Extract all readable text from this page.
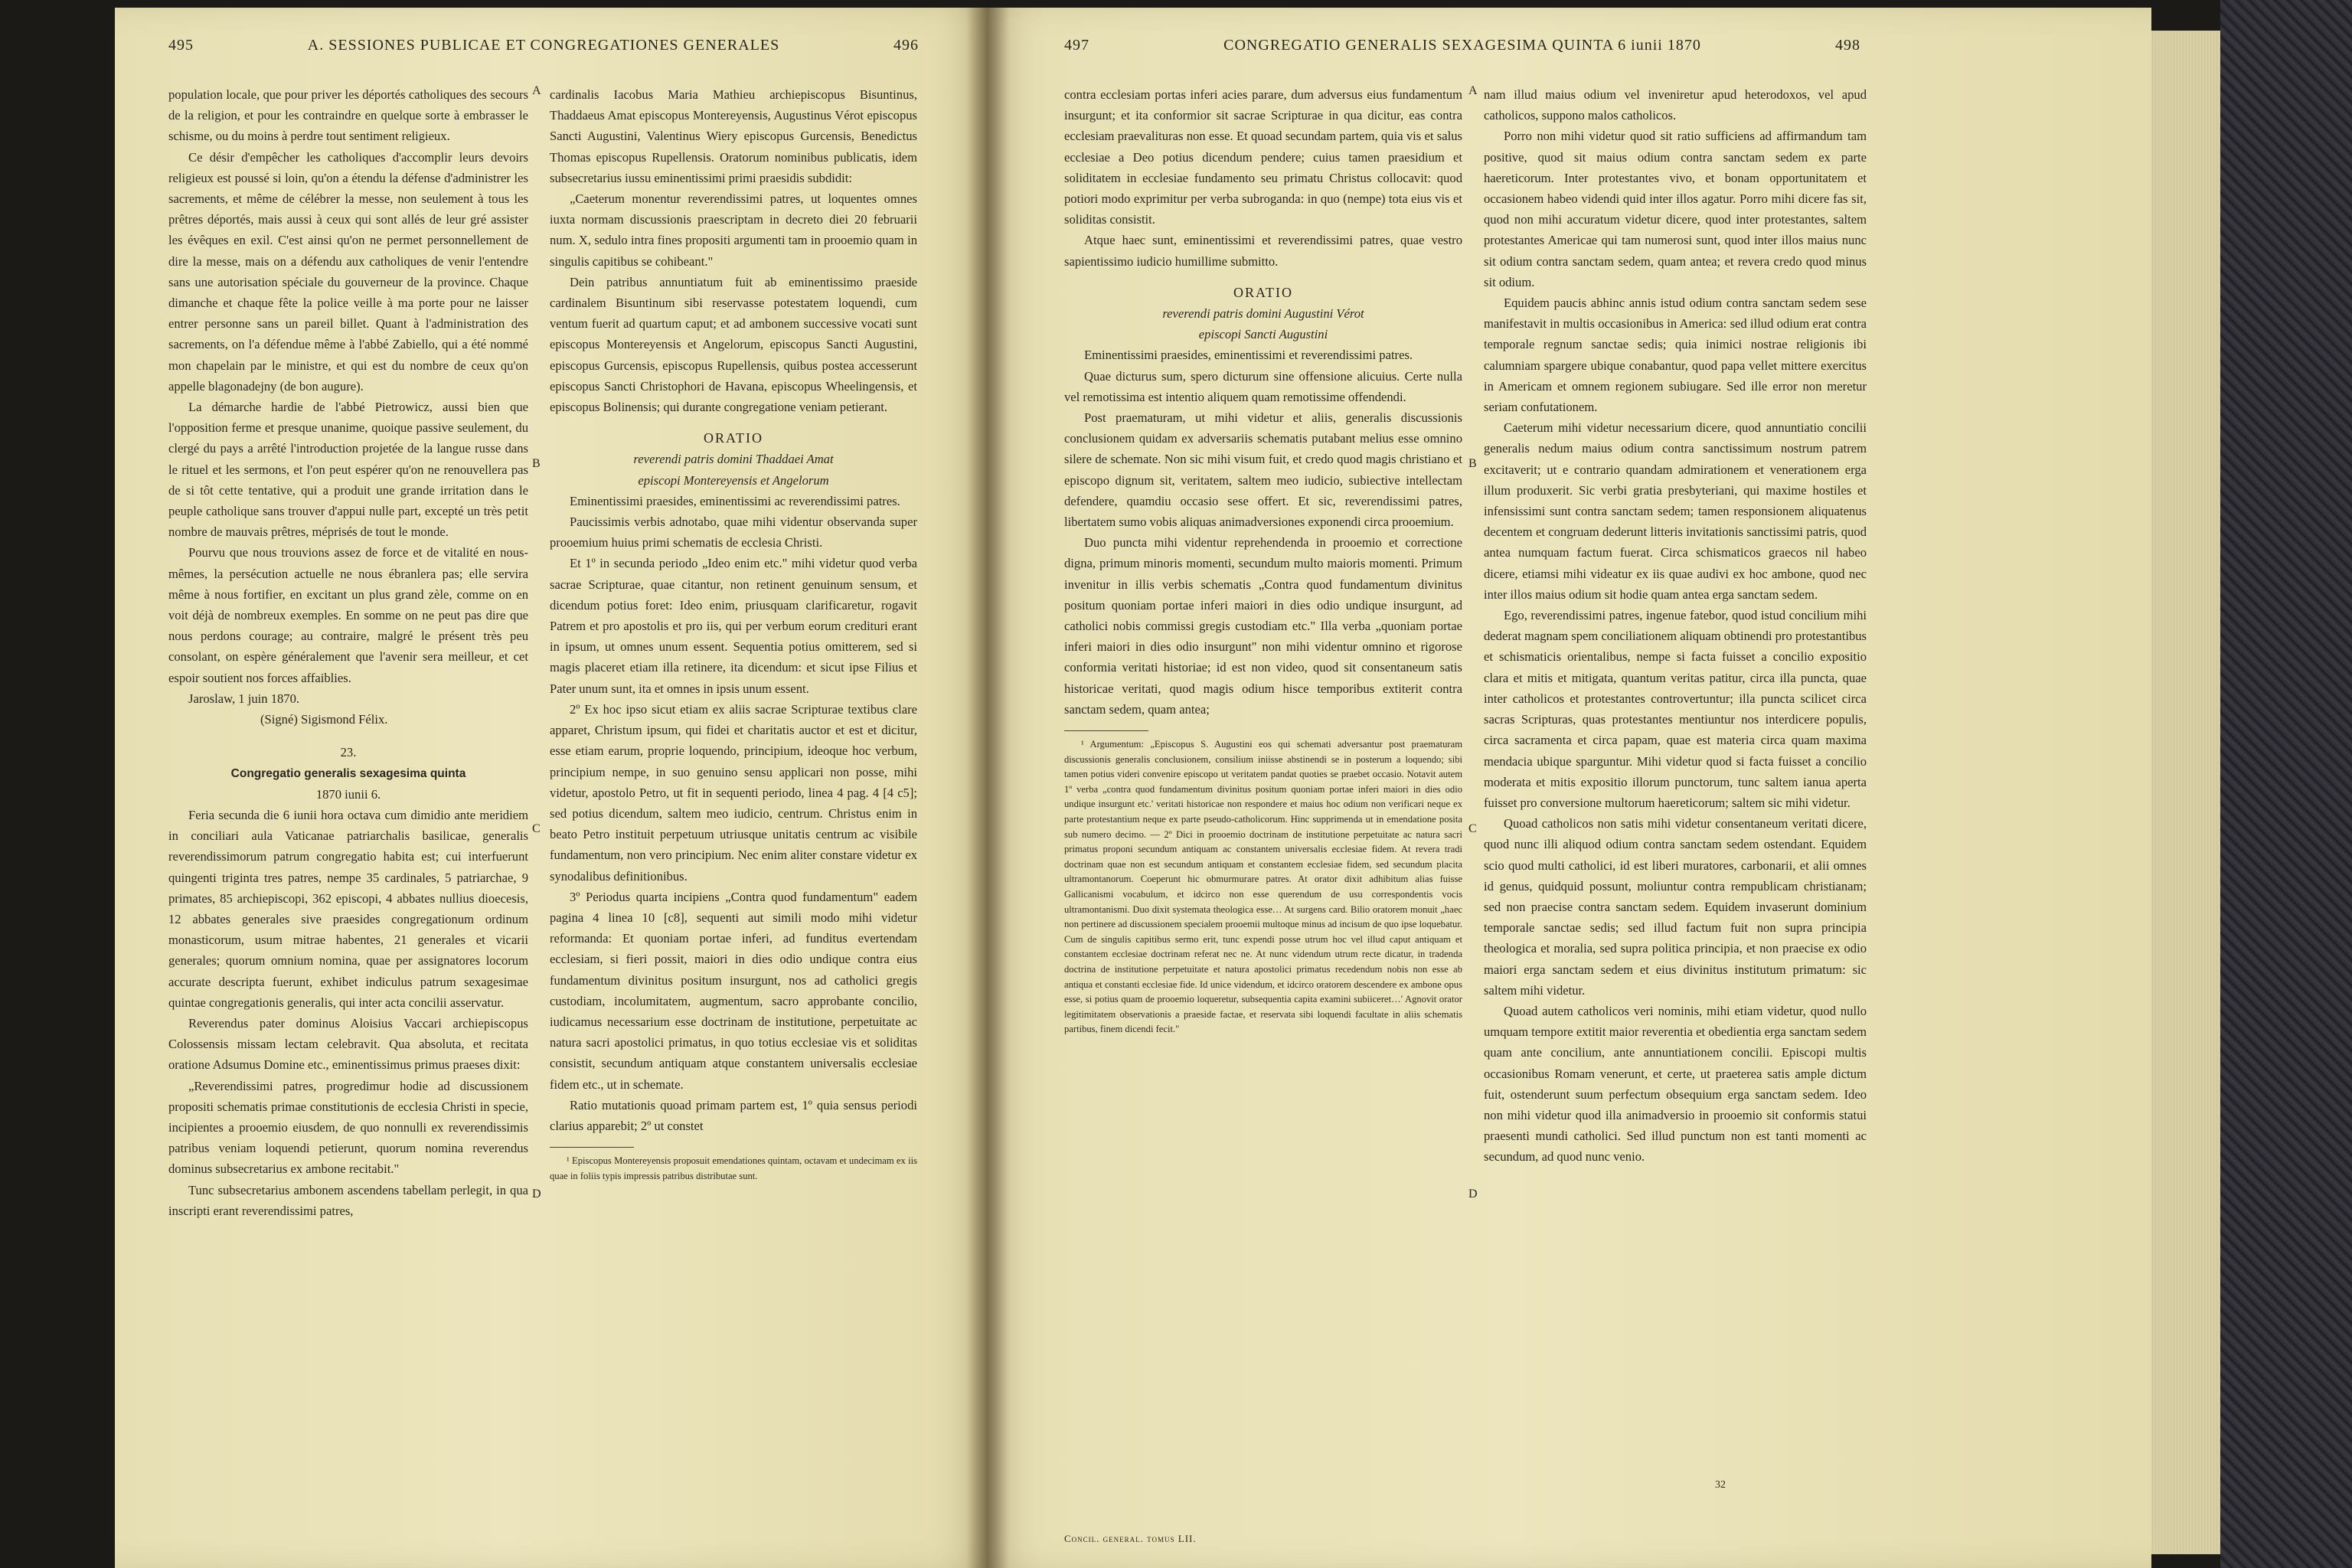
495	A. SESSIONES PUBLICAE ET CONGREGATIONES GENERALES	496

population locale, que pour priver les déportés catholiques des secours de la religion, et pour les contraindre en quelque sorte à embrasser le schisme, ou du moins à perdre tout sentiment religieux.

Ce désir d'empêcher les catholiques d'accomplir leurs devoirs religieux est poussé si loin, qu'on a étendu la défense d'administrer les sacrements, et même de célébrer la messe, non seulement à tous les prêtres déportés, mais aussi à ceux qui sont allés de leur gré assister les évêques en exil. C'est ainsi qu'on ne permet personnellement de dire la messe, mais on a défendu aux catholiques de venir l'entendre sans une autorisation spéciale du gouverneur de la province. Chaque dimanche et chaque fête la police veille à ma porte pour ne laisser entrer personne sans un pareil billet. Quant à l'administration des sacrements, on l'a défendue même à l'abbé Zabiello, qui a été nommé mon chapelain par le ministre, et qui est du nombre de ceux qu'on appelle blagonadejny (de bon augure).

La démarche hardie de l'abbé Pietrowicz, aussi bien que l'opposition ferme et presque unanime, quoique passive seulement, du clergé du pays a arrêté l'introduction projetée de la langue russe dans le rituel et les sermons, et l'on peut espérer qu'on ne renouvellera pas de si tôt cette tentative, qui a produit une grande irritation dans le peuple catholique sans trouver d'appui nulle part, excepté un très petit nombre de mauvais prêtres, méprisés de tout le monde.

Pourvu que nous trouvions assez de force et de vitalité en nous-mêmes, la persécution actuelle ne nous ébranlera pas; elle servira même à nous fortifier, en excitant un plus grand zèle, comme on en voit déjà de nombreux exemples. En somme on ne peut pas dire que nous perdons courage; au contraire, malgré le présent très peu consolant, on espère généralement que l'avenir sera meilleur, et cet espoir soutient nos forces affaiblies.

Jaroslaw, 1 juin 1870.

(Signé) Sigismond Félix.

23.

Congregatio generalis sexagesima quinta

1870 iunii 6.

Feria secunda die 6 iunii hora octava cum dimidio ante meridiem in conciliari aula Vaticanae patriarchalis basilicae, generalis reverendissimorum patrum congregatio habita est; cui interfuerunt quingenti triginta tres patres, nempe 35 cardinales, 5 patriarchae, 9 primates, 85 archiepiscopi, 362 episcopi, 4 abbates nullius dioecesis, 12 abbates generales sive praesides congregationum ordinum monasticorum, usum mitrae habentes, 21 generales et vicarii generales; quorum omnium nomina, quae per assignatores locorum accurate descripta fuerunt, exhibet indiculus patrum sexagesimae quintae congregationis generalis, qui inter acta concilii asservatur.

Reverendus pater dominus Aloisius Vaccari archiepiscopus Colossensis missam lectam celebravit. Qua absoluta, et recitata oratione Adsumus Domine etc., eminentissimus primus praeses dixit:

„Reverendissimi patres, progredimur hodie ad discussionem propositi schematis primae constitutionis de ecclesia Christi in specie, incipientes a prooemio eiusdem, de quo nonnulli ex reverendissimis patribus veniam loquendi petierunt, quorum nomina reverendus dominus subsecretarius ex ambone recitabit."

Tunc subsecretarius ambonem ascendens tabellam perlegit, in qua inscripti erant reverendissimi patres,

A
B
C
D

cardinalis Iacobus Maria Mathieu archiepiscopus Bisuntinus, Thaddaeus Amat episcopus Montereyensis, Augustinus Vérot episcopus Sancti Augustini, Valentinus Wiery episcopus Gurcensis, Benedictus Thomas episcopus Rupellensis. Oratorum nominibus publicatis, idem subsecretarius iussu eminentissimi primi praesidis subdidit:

„Caeterum monentur reverendissimi patres, ut loquentes omnes iuxta normam discussionis praescriptam in decreto diei 20 februarii num. X, sedulo intra fines propositi argumenti tam in prooemio quam in singulis capitibus se cohibeant."

Dein patribus annuntiatum fuit ab eminentissimo praeside cardinalem Bisuntinum sibi reservasse potestatem loquendi, cum ventum fuerit ad quartum caput; et ad ambonem successive vocati sunt episcopus Montereyensis et Angelorum, episcopus Sancti Augustini, episcopus Gurcensis, episcopus Rupellensis, quibus postea accesserunt episcopus Sancti Christophori de Havana, episcopus Wheelingensis, et episcopus Bolinensis; qui durante congregatione veniam petierant.

ORATIO

reverendi patris domini Thaddaei Amat

episcopi Montereyensis et Angelorum

Eminentissimi praesides, eminentissimi ac reverendissimi patres.

Paucissimis verbis adnotabo, quae mihi videntur observanda super prooemium huius primi schematis de ecclesia Christi.

Et 1º in secunda periodo „Ideo enim etc." mihi videtur quod verba sacrae Scripturae, quae citantur, non retinent genuinum sensum, et dicendum potius foret: Ideo enim, priusquam clarificaretur, rogavit Patrem et pro apostolis et pro iis, qui per verbum eorum credituri erant in ipsum, ut omnes unum essent. Sequentia potius omitterem, sed si magis placeret etiam illa retinere, ita dicendum: et sicut ipse Filius et Pater unum sunt, ita et omnes in ipsis unum essent.

2º Ex hoc ipso sicut etiam ex aliis sacrae Scripturae textibus clare apparet, Christum ipsum, qui fidei et charitatis auctor et est et dicitur, esse etiam earum, proprie loquendo, principium, ideoque hoc verbum, principium nempe, in suo genuino sensu applicari non posse, mihi videtur, apostolo Petro, ut fit in sequenti periodo, linea 4 pag. 4 [4 c5]; sed potius dicendum, saltem meo iudicio, centrum. Christus enim in beato Petro instituit perpetuum utriusque unitatis centrum ac visibile fundamentum, non vero principium. Nec enim aliter constare videtur ex synodalibus definitionibus.

3º Periodus quarta incipiens „Contra quod fundamentum" eadem pagina 4 linea 10 [c8], sequenti aut simili modo mihi videtur reformanda: Et quoniam portae inferi, ad funditus evertendam ecclesiam, si fieri possit, maiori in dies odio undique contra eius fundamentum divinitus positum insurgunt, nos ad catholici gregis custodiam, incolumitatem, augmentum, sacro approbante concilio, iudicamus necessarium esse doctrinam de institutione, perpetuitate ac natura sacri apostolici primatus, in quo totius ecclesiae vis et soliditas consistit, secundum antiquam atque constantem universalis ecclesiae fidem etc., ut in schemate.

Ratio mutationis quoad primam partem est, 1º quia sensus periodi clarius apparebit; 2º ut constet

¹ Episcopus Montereyensis proposuit emendationes quintam, octavam et undecimam ex iis quae in foliis typis impressis patribus distributae sunt.

497	CONGREGATIO GENERALIS SEXAGESIMA QUINTA 6 iunii 1870	498

contra ecclesiam portas inferi acies parare, dum adversus eius fundamentum insurgunt; et ita conformior sit sacrae Scripturae in qua dicitur, eas contra ecclesiam praevalituras non esse. Et quoad secundam partem, quia vis et salus ecclesiae a Deo potius dicendum pendere; cuius tamen praesidium et soliditatem in ecclesiae fundamento seu primatu Christus collocavit: quod potiori modo exprimitur per verba subroganda: in quo (nempe) tota eius vis et soliditas consistit.

Atque haec sunt, eminentissimi et reverendissimi patres, quae vestro sapientissimo iudicio humillime submitto.

ORATIO

reverendi patris domini Augustini Vérot

episcopi Sancti Augustini

Eminentissimi praesides, eminentissimi et reverendissimi patres.

Quae dicturus sum, spero dicturum sine offensione alicuius. Certe nulla vel remotissima est intentio aliquem quam remotissime offendendi.

Post praematuram, ut mihi videtur et aliis, generalis discussionis conclusionem quidam ex adversariis schematis putabant melius esse omnino silere de schemate. Non sic mihi visum fuit, et credo quod magis christiano et episcopo dignum sit, veritatem, saltem meo iudicio, subiective intellectam defendere, quamdiu occasio sese offert. Et sic, reverendissimi patres, libertatem sumo vobis aliquas animadversiones exponendi circa prooemium.

Duo puncta mihi videntur reprehendenda in prooemio et correctione digna, primum minoris momenti, secundum multo maioris momenti. Primum invenitur in illis verbis schematis „Contra quod fundamentum divinitus positum quoniam portae inferi maiori in dies odio undique insurgunt, ad catholici nobis commissi gregis custodiam etc." Illa verba „quoniam portae inferi maiori in dies odio insurgunt" non mihi videntur omnino et rigorose conformia veritati historiae; id est non video, quod sit consentaneum satis historicae veritati, quod magis odium hisce temporibus extiterit contra sanctam sedem, quam antea;

¹ Argumentum: „Episcopus S. Augustini eos qui schemati adversantur post praematuram discussionis generalis conclusionem, consilium iniisse abstinendi se in posterum a loquendo; sibi tamen potius videri convenire episcopo ut veritatem pandat quoties se praebet occasio. Notavit autem 1º verba „contra quod fundamentum divinitus positum quoniam portae inferi maiori in dies odio undique insurgunt etc.' veritati historicae non respondere et maius hoc odium non verificari neque ex parte protestantium neque ex parte pseudo-catholicorum. Hinc supprimenda ut in emendatione posita sub numero decimo. — 2º Dici in prooemio doctrinam de institutione perpetuitate ac natura sacri primatus proponi secundum antiquam ac constantem universalis ecclesiae fidem. At revera tradi doctrinam quae non est secundum antiquam et constantem ecclesiae fidem, sed secundum placita ultramontanorum. Coeperunt hic obmurmurare patres. At orator dixit adhibitum alias fuisse Gallicanismi vocabulum, et idcirco non esse querendum de usu correspondentis vocis ultramontanismi. Duo dixit systemata theologica esse… At surgens card. Bilio oratorem monuit „haec non pertinere ad discussionem specialem prooemii multoque minus ad incisum de quo ipse loquebatur. Cum de singulis capitibus sermo erit, tunc expendi posse utrum hoc vel illud caput antiquam et constantem ecclesiae doctrinam referat nec ne. At nunc videndum utrum recte dicatur, in tradenda doctrina de institutione perpetuitate et natura apostolici primatus recedendum nobis non esse ab antiqua et constanti ecclesiae fide. Id unice videndum, et idcirco oratorem descendere ex ambone opus esse, si potius quam de prooemio loqueretur, subsequentia capita examini subiiceret…' Agnovit orator legitimitatem observationis a praeside factae, et reservata sibi loquendi facultate in aliis schematis partibus, finem dicendi fecit."

A
B
C
D

nam illud maius odium vel inveniretur apud heterodoxos, vel apud catholicos, suppono malos catholicos.

Porro non mihi videtur quod sit ratio sufficiens ad affirmandum tam positive, quod sit maius odium contra sanctam sedem ex parte haereticorum. Inter protestantes vivo, et bonam opportunitatem et occasionem habeo videndi quid inter illos agatur. Porro mihi dicere fas sit, quod non mihi accuratum videtur dicere, quod inter protestantes, saltem protestantes Americae qui tam numerosi sunt, quod inter illos maius nunc sit odium contra sanctam sedem, quam antea; et revera credo quod minus sit odium.

Equidem paucis abhinc annis istud odium contra sanctam sedem sese manifestavit in multis occasionibus in America: sed illud odium erat contra temporale regnum sanctae sedis; quia inimici nostrae religionis ibi calumniam spargere ubique conabantur, quod papa vellet mittere exercitus in Americam et omnem regionem subiugare. Sed ille error non meretur seriam confutationem.

Caeterum mihi videtur necessarium dicere, quod annuntiatio concilii generalis nedum maius odium contra sanctissimum nostrum patrem excitaverit; ut e contrario quandam admirationem et venerationem erga illum produxerit. Sic verbi gratia presbyteriani, qui maxime hostiles et infensissimi sunt contra sanctam sedem; tamen responsionem aliquatenus decentem et congruam dederunt litteris invitationis sanctissimi patris, quod antea numquam factum fuerat. Circa schismaticos graecos nil habeo dicere, etiamsi mihi videatur ex iis quae audivi ex hoc ambone, quod nec inter illos maius odium sit hodie quam antea erga sanctam sedem.

Ego, reverendissimi patres, ingenue fatebor, quod istud concilium mihi dederat magnam spem conciliationem aliquam obtinendi pro protestantibus et schismaticis orientalibus, nempe si facta fuisset a concilio expositio clara et mitis et mitigata, quantum veritas patitur, circa illa puncta, quae inter catholicos et protestantes controvertuntur; illa puncta scilicet circa sacras Scripturas, quas protestantes mentiuntur nos interdicere populis, circa sacramenta et circa papam, quae est materia circa quam maxima mendacia ubique sparguntur. Mihi videtur quod si facta fuisset a concilio moderata et mitis expositio illorum punctorum, tunc saltem ianua aperta fuisset pro conversione multorum haereticorum; saltem sic mihi videtur.

Quoad catholicos non satis mihi videtur consentaneum veritati dicere, quod nunc illi aliquod odium contra sanctam sedem ostendant. Equidem scio quod multi catholici, id est liberi muratores, carbonarii, et alii omnes id genus, quidquid possunt, moliuntur contra rempublicam christianam; sed non praecise contra sanctam sedem. Equidem invaserunt dominium temporale sanctae sedis; sed illud factum fuit non supra principia theologica et moralia, sed supra politica principia, et non praecise ex odio maiori erga sanctam sedem et eius divinitus institutum primatum: sic saltem mihi videtur.

Quoad autem catholicos veri nominis, mihi etiam videtur, quod nullo umquam tempore extitit maior reverentia et obedientia erga sanctam sedem quam ante concilium, ante annuntiationem concilii. Episcopi multis occasionibus Romam venerunt, et certe, ut praeterea satis ample dictum fuit, ostenderunt suum perfectum obsequium erga sanctam sedem. Ideo non mihi videtur quod illa animadversio in prooemio sit conformis statui praesenti mundi catholici. Sed illud punctum non est tanti momenti ac secundum, ad quod nunc venio.

Concil. general. tomus LII.
32
